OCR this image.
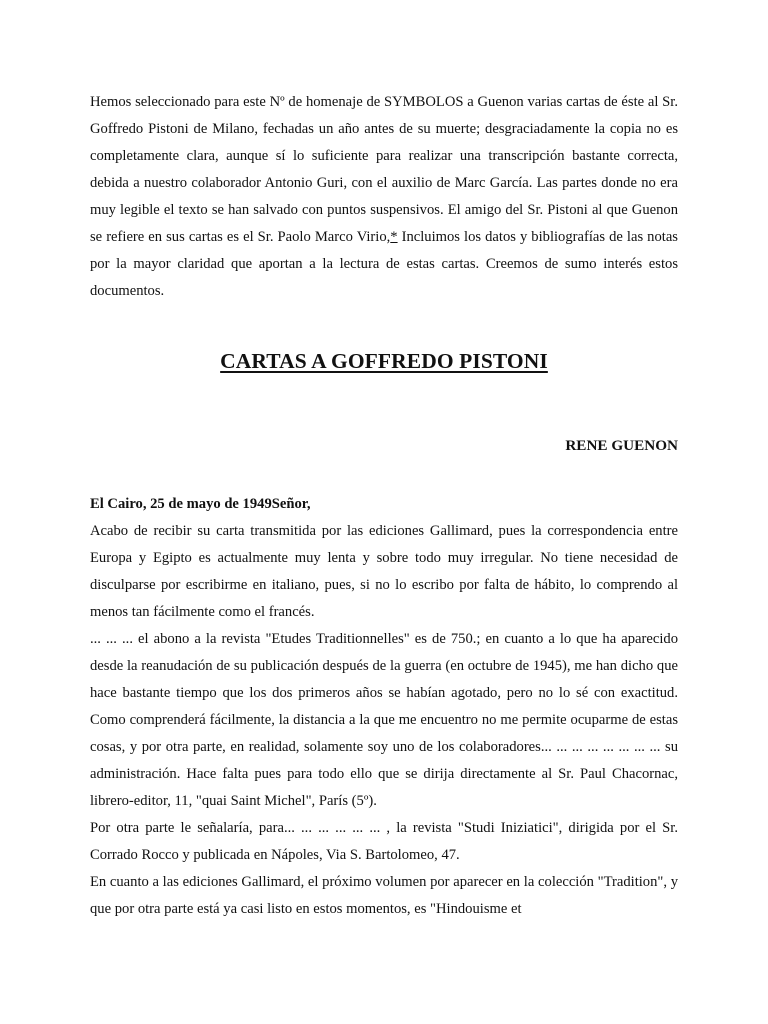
Hemos seleccionado para este Nº de homenaje de SYMBOLOS a Guenon varias cartas de éste al Sr. Goffredo Pistoni de Milano, fechadas un año antes de su muerte; desgraciadamente la copia no es completamente clara, aunque sí lo suficiente para realizar una transcripción bastante correcta, debida a nuestro colaborador Antonio Guri, con el auxilio de Marc García. Las partes donde no era muy legible el texto se han salvado con puntos suspensivos. El amigo del Sr. Pistoni al que Guenon se refiere en sus cartas es el Sr. Paolo Marco Virio,* Incluimos los datos y bibliografías de las notas por la mayor claridad que aportan a la lectura de estas cartas. Creemos de sumo interés estos documentos.

CARTAS A GOFFREDO PISTONI

RENE GUENON

El Cairo, 25 de mayo de 1949Señor,

Acabo de recibir su carta transmitida por las ediciones Gallimard, pues la correspondencia entre Europa y Egipto es actualmente muy lenta y sobre todo muy irregular. No tiene necesidad de disculparse por escribirme en italiano, pues, si no lo escribo por falta de hábito, lo comprendo al menos tan fácilmente como el francés.

... ... ... el abono a la revista "Etudes Traditionnelles" es de 750.; en cuanto a lo que ha aparecido desde la reanudación de su publicación después de la guerra (en octubre de 1945), me han dicho que hace bastante tiempo que los dos primeros años se habían agotado, pero no lo sé con exactitud. Como comprenderá fácilmente, la distancia a la que me encuentro no me permite ocuparme de estas cosas, y por otra parte, en realidad, solamente soy uno de los colaboradores... ... ... ... ... ... ... ... su administración. Hace falta pues para todo ello que se dirija directamente al Sr. Paul Chacornac, librero-editor, 11, "quai Saint Michel", París (5º).

Por otra parte le señalaría, para... ... ... ... ... ... , la revista "Studi Iniziatici", dirigida por el Sr. Corrado Rocco y publicada en Nápoles, Via S. Bartolomeo, 47.

En cuanto a las ediciones Gallimard, el próximo volumen por aparecer en la colección "Tradition", y que por otra parte está ya casi listo en estos momentos, es "Hindouisme et
